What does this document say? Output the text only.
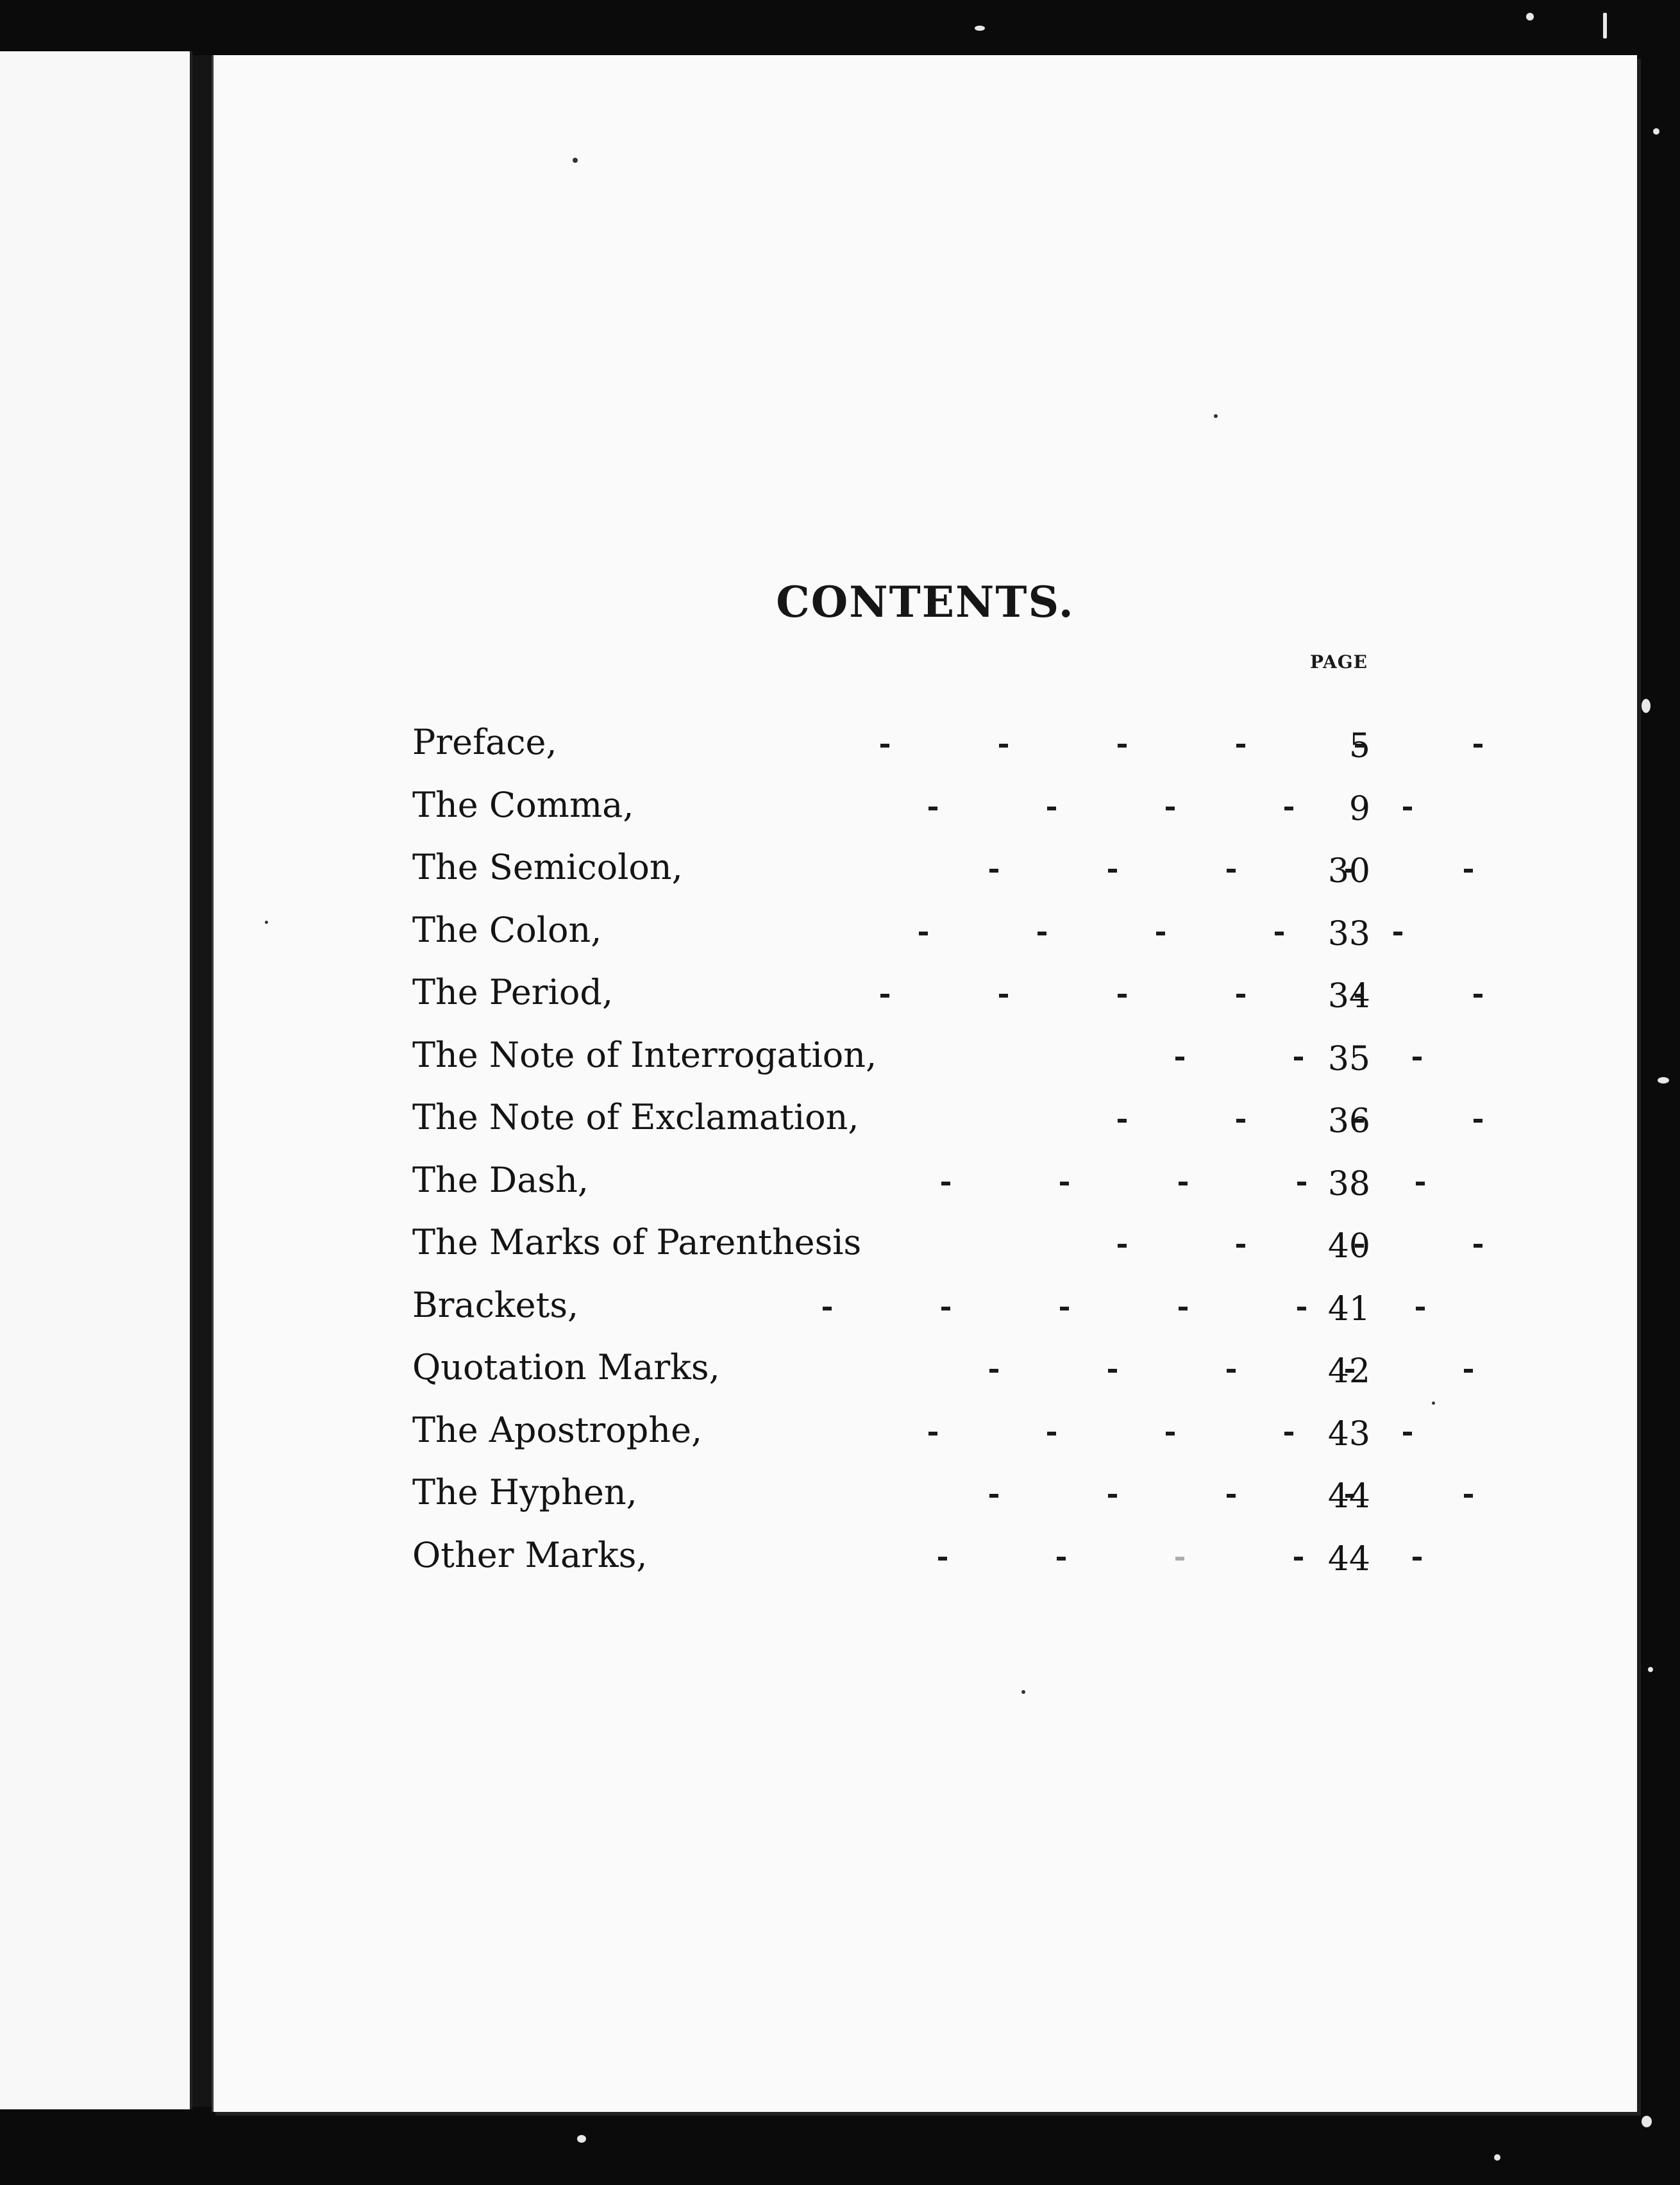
CONTENTS.
PAGE
Preface,	5
The Comma,	9
The Semicolon,	30
The Colon,	33
The Period,	34
The Note of Interrogation,	35
The Note of Exclamation,	36
The Dash,	38
The Marks of Parenthesis	40
Brackets,	41
Quotation Marks,	42
The Apostrophe,	43
The Hyphen,	44
Other Marks,	44
